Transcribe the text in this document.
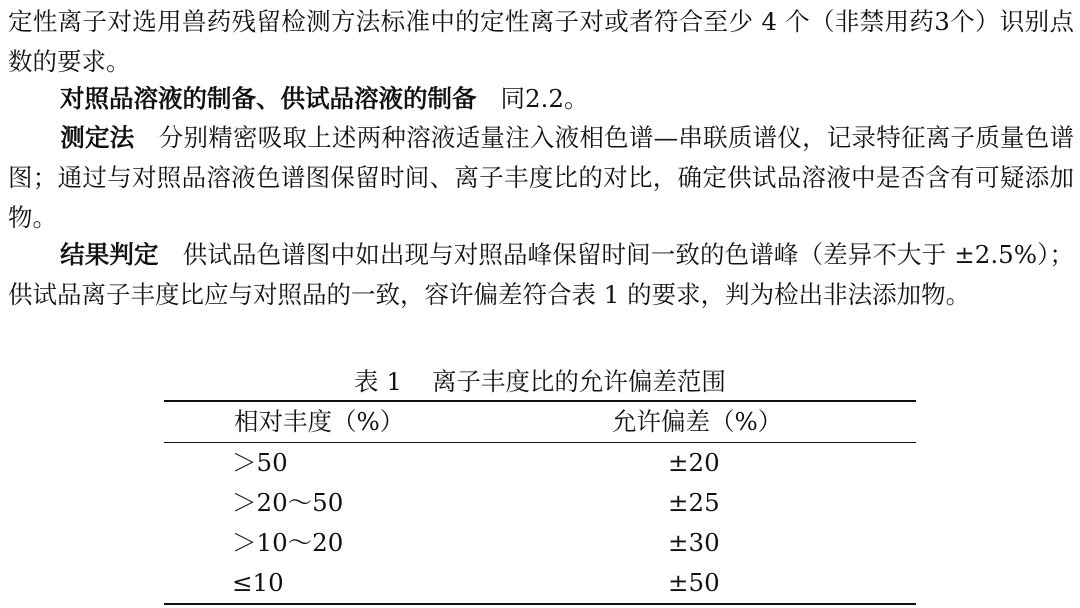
定性离子对选用兽药残留检测方法标准中的定性离子对或者符合至少 4 个（非禁用药3个）识别点数的要求。

对照品溶液的制备、供试品溶液的制备 同2.2。

测定法 分别精密吸取上述两种溶液适量注入液相色谱—串联质谱仪，记录特征离子质量色谱图；通过与对照品溶液色谱图保留时间、离子丰度比的对比，确定供试品溶液中是否含有可疑添加物。

结果判定 供试品色谱图中如出现与对照品峰保留时间一致的色谱峰（差异不大于 ±2.5%）；供试品离子丰度比应与对照品的一致，容许偏差符合表 1 的要求，判为检出非法添加物。

表 1 离子丰度比的允许偏差范围

相对丰度（%）	允许偏差（%）
＞50	±20
＞20～50	±25
＞10～20	±30
≤10	±50
